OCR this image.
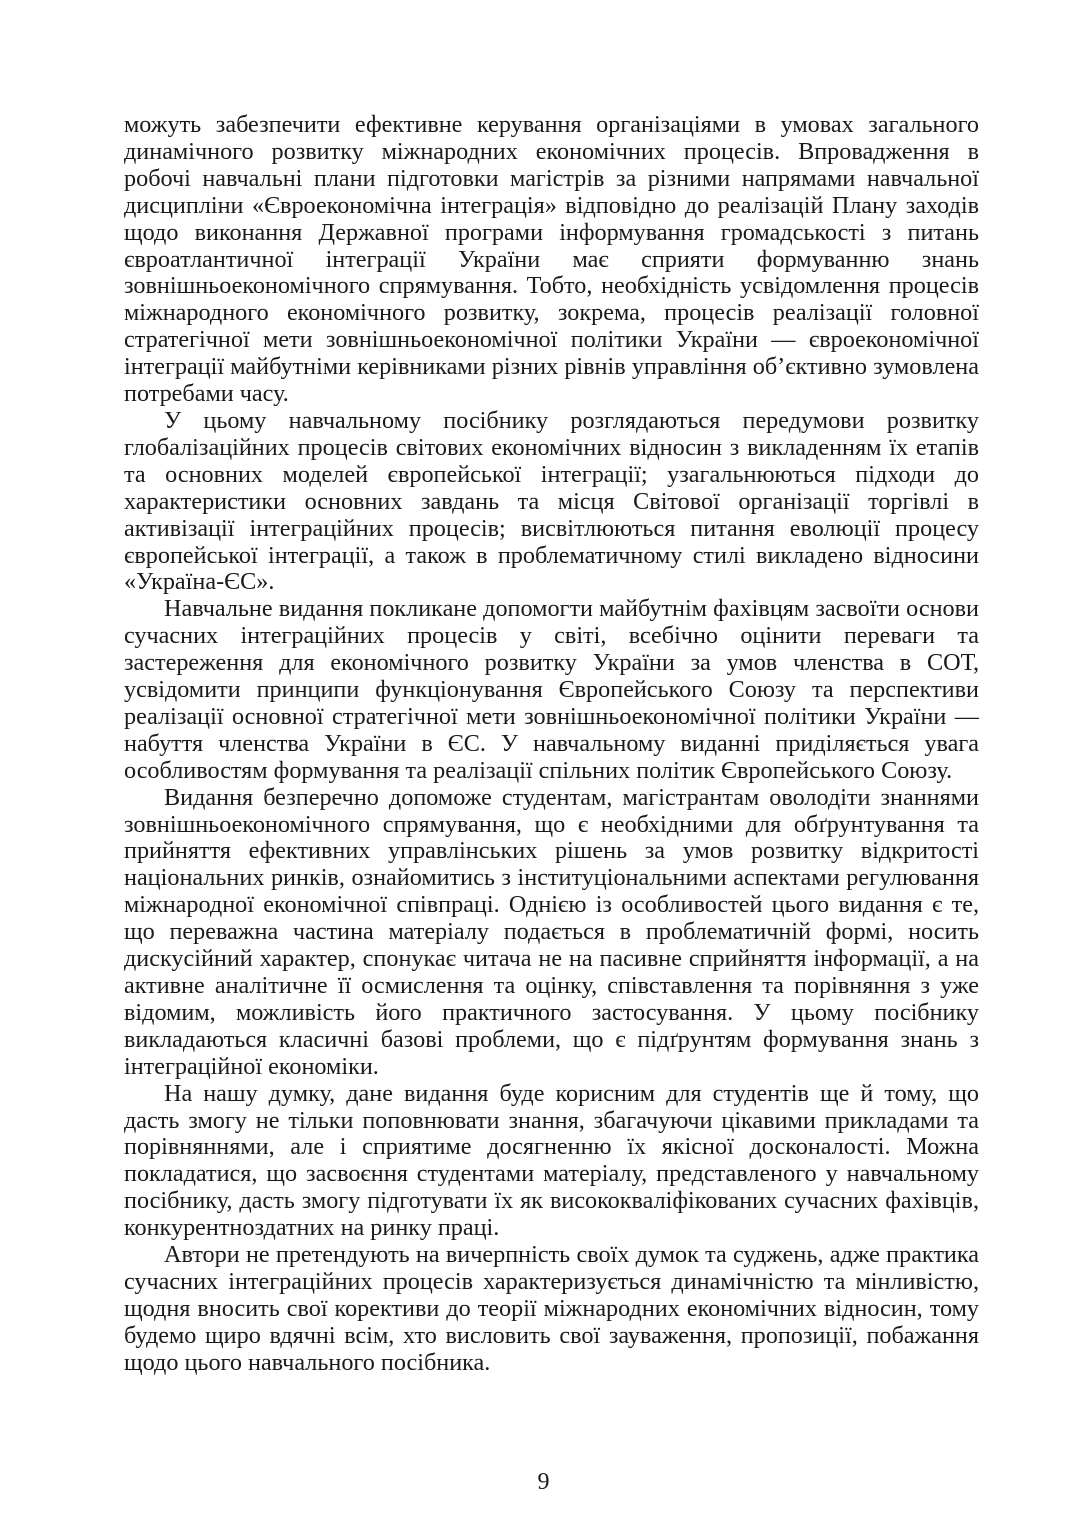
можуть забезпечити ефективне керування організаціями в умовах загального динамічного розвитку міжнародних економічних процесів. Впровадження в робочі навчальні плани підготовки магістрів за різними напрямами навчальної дисципліни «Євроекономічна інтеграція» відповідно до реалізацій Плану заходів щодо виконання Державної програми інформування громадськості з питань євроатлантичної інтеграції України має сприяти формуванню знань зовнішньоекономічного спрямування. Тобто, необхідність усвідомлення процесів міжнародного економічного розвитку, зокрема, процесів реалізації головної стратегічної мети зовнішньоекономічної політики України — євроекономічної інтеграції майбутніми керівниками різних рівнів управління об’єктивно зумовлена потребами часу.

У цьому навчальному посібнику розглядаються передумови розвитку глобалізаційних процесів світових економічних відносин з викладенням їх етапів та основних моделей європейської інтеграції; узагальнюються підходи до характеристики основних завдань та місця Світової організації торгівлі в активізації інтеграційних процесів; висвітлюються питання еволюції процесу європейської інтеграції, а також в проблематичному стилі викладено відносини «Україна-ЄС».

Навчальне видання покликане допомогти майбутнім фахівцям засвоїти основи сучасних інтеграційних процесів у світі, всебічно оцінити переваги та застереження для економічного розвитку України за умов членства в СОТ, усвідомити принципи функціонування Європейського Союзу та перспективи реалізації основної стратегічної мети зовнішньоекономічної політики України — набуття членства України в ЄС. У навчальному виданні приділяється увага особливостям формування та реалізації спільних політик Європейського Союзу.

Видання безперечно допоможе студентам, магістрантам оволодіти знаннями зовнішньоекономічного спрямування, що є необхідними для обґрунтування та прийняття ефективних управлінських рішень за умов розвитку відкритості національних ринків, ознайомитись з інституціональними аспектами регулювання міжнародної економічної співпраці. Однією із особливостей цього видання є те, що переважна частина матеріалу подається в проблематичній формі, носить дискусійний характер, спонукає читача не на пасивне сприйняття інформації, а на активне аналітичне її осмислення та оцінку, співставлення та порівняння з уже відомим, можливість його практичного застосування. У цьому посібнику викладаються класичні базові проблеми, що є підґрунтям формування знань з інтеграційної економіки.

На нашу думку, дане видання буде корисним для студентів ще й тому, що дасть змогу не тільки поповнювати знання, збагачуючи цікавими прикладами та порівняннями, але і сприятиме досягненню їх якісної досконалості. Можна покладатися, що засвоєння студентами матеріалу, представленого у навчальному посібнику, дасть змогу підготувати їх як висококваліфікованих сучасних фахівців, конкурентноздатних на ринку праці.

Автори не претендують на вичерпність своїх думок та суджень, адже практика сучасних інтеграційних процесів характеризується динамічністю та мінливістю, щодня вносить свої корективи до теорії міжнародних економічних відносин, тому будемо щиро вдячні всім, хто висловить свої зауваження, пропозиції, побажання щодо цього навчального посібника.

9
